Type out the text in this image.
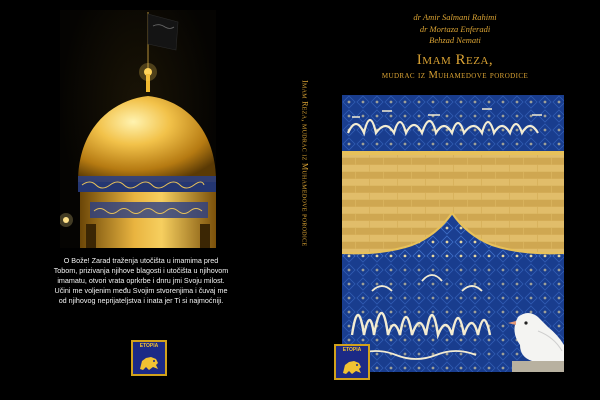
O Bože! Zarad traženja utočišta u imamima pred Tobom, prizivanja njihove blagosti i utočišta u njihovom imamatu, otvori vrata oprkrbe i dnru jmi Svoju milost. Učini me voljenim među Svojim stvorenjima i čuvaj me od njihovog neprijateljstva i inata jer Ti si najmoćniji.
ETOPIA
Imam Reza, mudrac iz Muhamedove porodice
dr Amir Salmani Rahimi
dr Mortaza Enferadi
Behzad Nemati
Imam Reza,
mudrac iz Muhamedove porodice
ETOPIA
